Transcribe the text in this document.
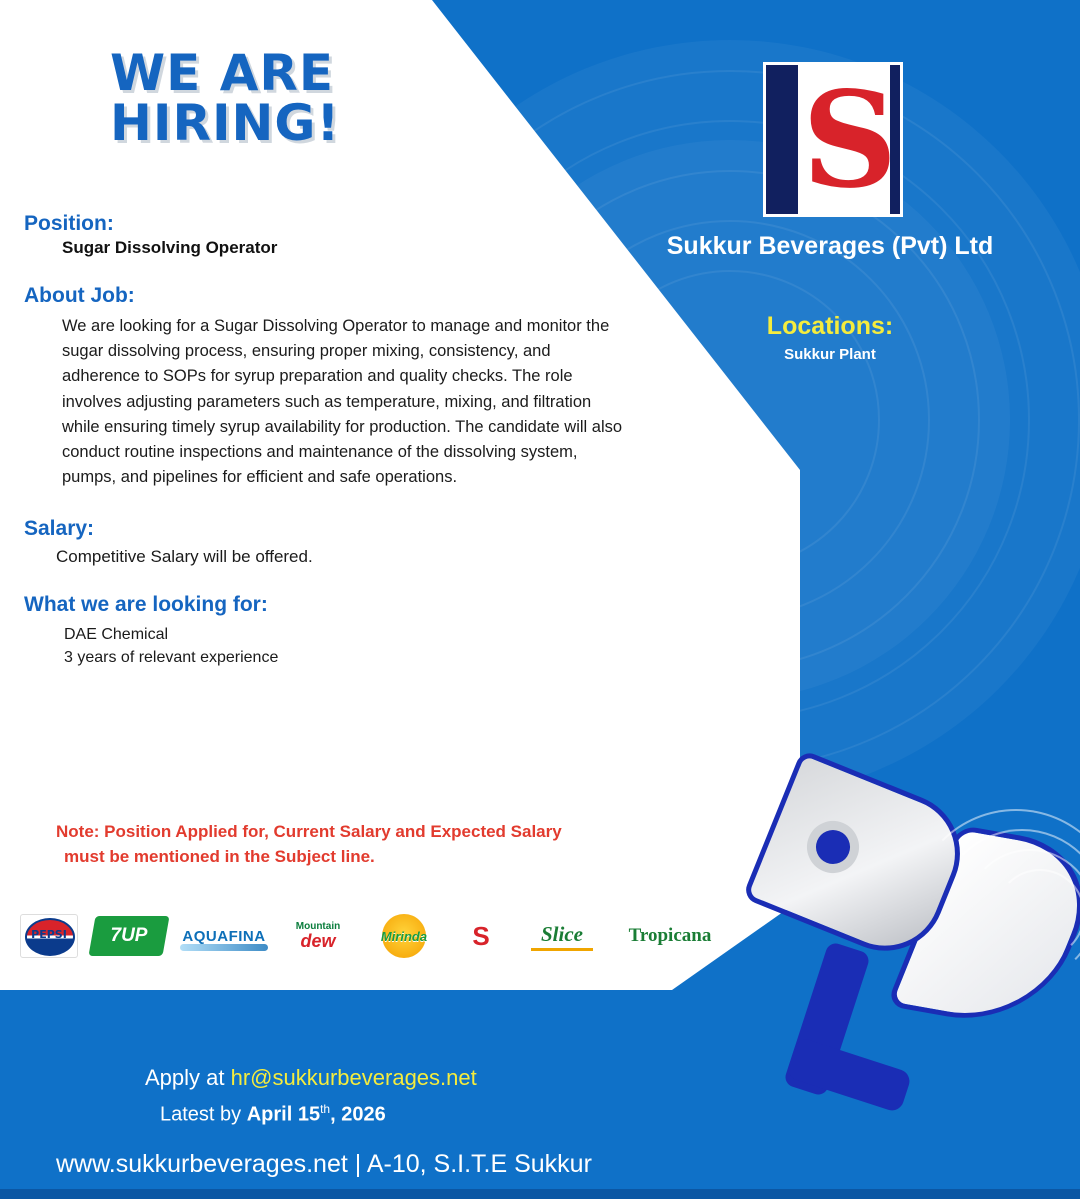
WE ARE
HIRING!
Position:
Sugar Dissolving Operator
About Job:
We are looking for a Sugar Dissolving Operator to manage and monitor the sugar dissolving process, ensuring proper mixing, consistency, and adherence to SOPs for syrup preparation and quality checks. The role involves adjusting parameters such as temperature, mixing, and filtration while ensuring timely syrup availability for production. The candidate will also conduct routine inspections and maintenance of the dissolving system, pumps, and pipelines for efficient and safe operations.
Salary:
Competitive Salary will be offered.
What we are looking for:
DAE Chemical
3 years of relevant experience
Note: Position Applied for, Current Salary and Expected Salary
must be mentioned in the Subject line.
PEPSI	7UP	AQUAFINA
Mountain
dew	Mirinda S Slice Tropicana
S
Sukkur Beverages (Pvt) Ltd
Locations:
Sukkur Plant
Apply at hr@sukkurbeverages.net
Latest by April 15th, 2026
www.sukkurbeverages.net | A-10, S.I.T.E Sukkur
